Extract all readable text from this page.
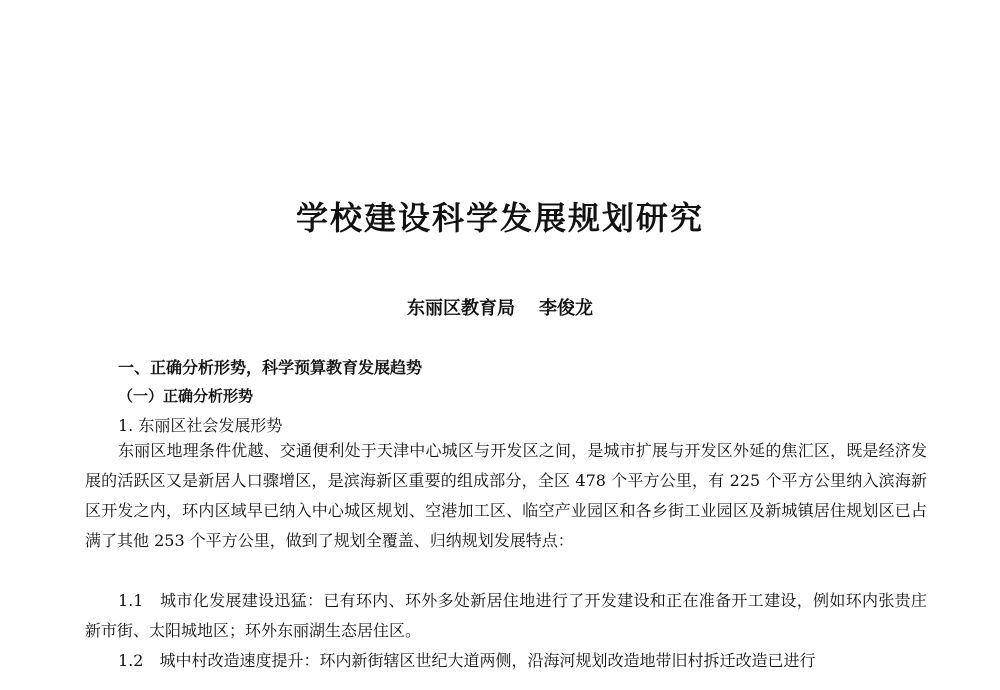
学校建设科学发展规划研究
东丽区教育局 李俊龙
一、正确分析形势，科学预算教育发展趋势
（一）正确分析形势
1. 东丽区社会发展形势

东丽区地理条件优越、交通便利处于天津中心城区与开发区之间，是城市扩展与开发区外延的焦汇区，既是经济发展的活跃区又是新居人口骤增区，是滨海新区重要的组成部分，全区 478 个平方公里，有 225 个平方公里纳入滨海新区开发之内，环内区域早已纳入中心城区规划、空港加工区、临空产业园区和各乡街工业园区及新城镇居住规划区已占满了其他 253 个平方公里，做到了规划全覆盖、归纳规划发展特点：

1.1　城市化发展建设迅猛：已有环内、环外多处新居住地进行了开发建设和正在准备开工建设，例如环内张贵庄新市街、太阳城地区；环外东丽湖生态居住区。

1.2　城中村改造速度提升：环内新街辖区世纪大道两侧，沿海河规划改造地带旧村拆迁改造已进行
